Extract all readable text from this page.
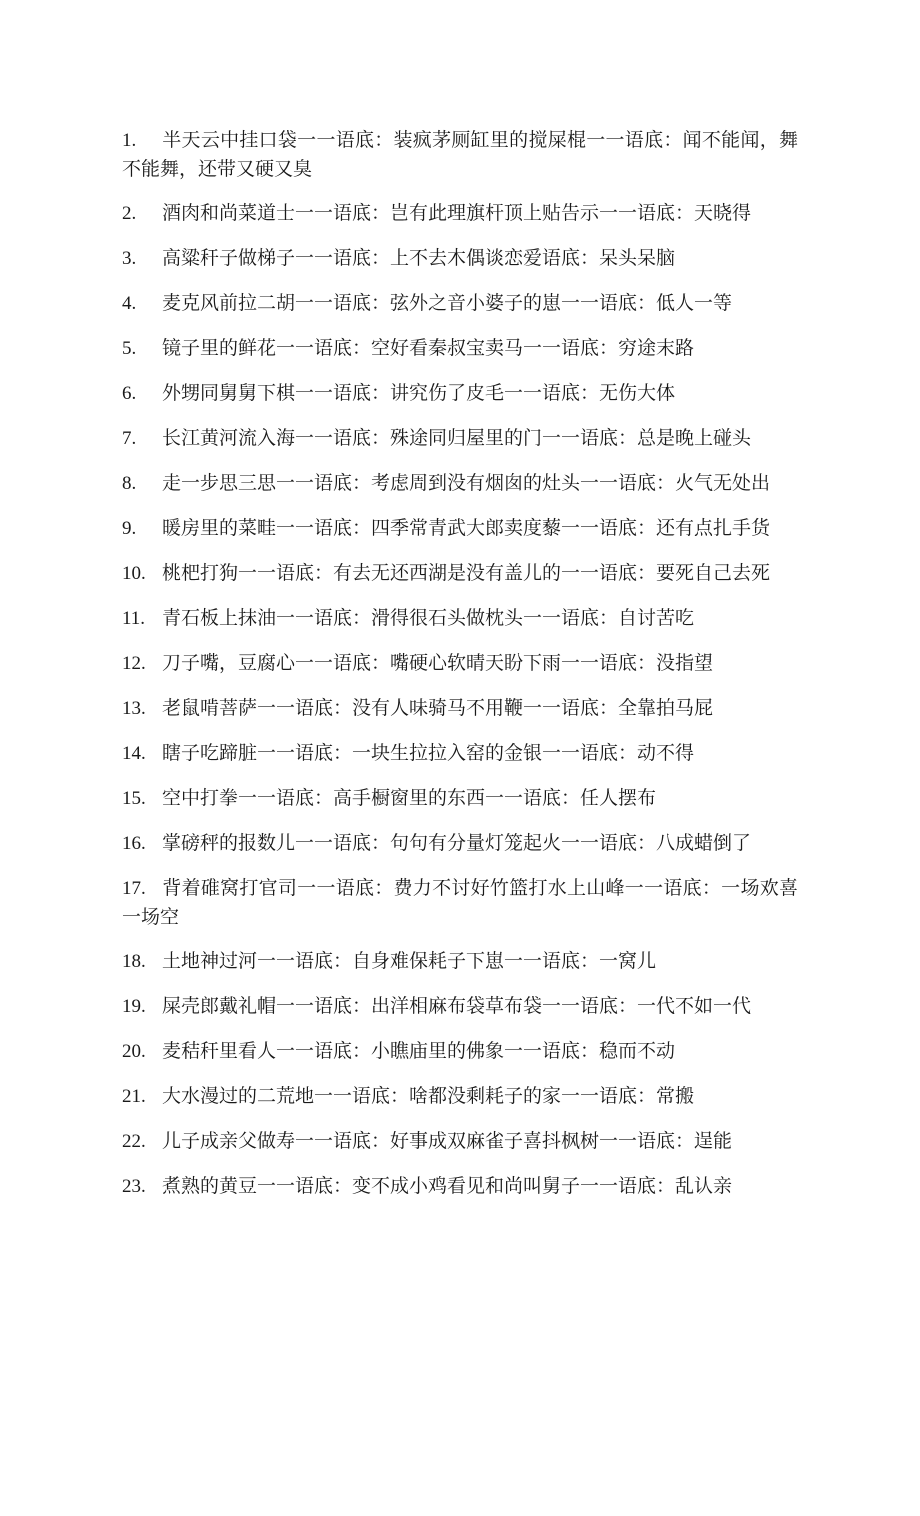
1. 半天云中挂口袋一一语底：装疯茅厕缸里的搅屎棍一一语底：闻不能闻，舞不能舞，还带又硬又臭

2. 酒肉和尚菜道士一一语底：岂有此理旗杆顶上贴告示一一语底：天晓得

3. 高粱秆子做梯子一一语底：上不去木偶谈恋爱语底：呆头呆脑

4. 麦克风前拉二胡一一语底：弦外之音小婆子的崽一一语底：低人一等

5. 镜子里的鲜花一一语底：空好看秦叔宝卖马一一语底：穷途末路

6. 外甥同舅舅下棋一一语底：讲究伤了皮毛一一语底：无伤大体

7. 长江黄河流入海一一语底：殊途同归屋里的门一一语底：总是晚上碰头

8. 走一步思三思一一语底：考虑周到没有烟囱的灶头一一语底：火气无处出

9. 暖房里的菜畦一一语底：四季常青武大郎卖度藜一一语底：还有点扎手货

10. 桃杷打狗一一语底：有去无还西湖是没有盖儿的一一语底：要死自己去死

11. 青石板上抹油一一语底：滑得很石头做枕头一一语底：自讨苦吃

12. 刀子嘴，豆腐心一一语底：嘴硬心软晴天盼下雨一一语底：没指望

13. 老鼠啃菩萨一一语底：没有人味骑马不用鞭一一语底：全靠拍马屁

14. 瞎子吃蹄脏一一语底：一块生拉拉入窑的金银一一语底：动不得

15. 空中打拳一一语底：高手橱窗里的东西一一语底：任人摆布

16. 掌磅秤的报数儿一一语底：句句有分量灯笼起火一一语底：八成蜡倒了

17. 背着碓窝打官司一一语底：费力不讨好竹篮打水上山峰一一语底：一场欢喜一场空

18. 土地神过河一一语底：自身难保耗子下崽一一语底：一窝儿

19. 屎壳郎戴礼帽一一语底：出洋相麻布袋草布袋一一语底：一代不如一代

20. 麦秸秆里看人一一语底：小瞧庙里的佛象一一语底：稳而不动

21. 大水漫过的二荒地一一语底：啥都没剩耗子的家一一语底：常搬

22. 儿子成亲父做寿一一语底：好事成双麻雀子喜抖枫树一一语底：逞能

23. 煮熟的黄豆一一语底：变不成小鸡看见和尚叫舅子一一语底：乱认亲
